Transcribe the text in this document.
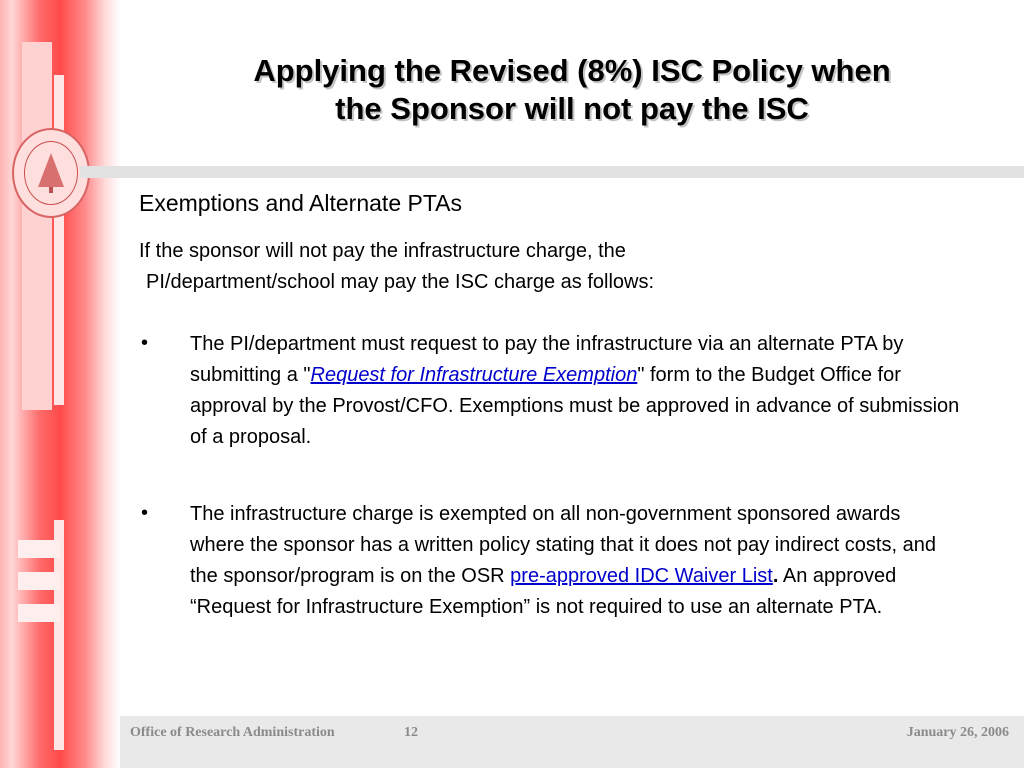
Applying the Revised (8%) ISC Policy when
the Sponsor will not pay the ISC
Exemptions and Alternate PTAs
If the sponsor will not pay the infrastructure charge, the
PI/department/school may pay the ISC charge as follows:
• The PI/department must request to pay the infrastructure via an alternate PTA by submitting a "Request for Infrastructure Exemption" form to the Budget Office for approval by the Provost/CFO. Exemptions must be approved in advance of submission of a proposal.
• The infrastructure charge is exempted on all non-government sponsored awards where the sponsor has a written policy stating that it does not pay indirect costs, and the sponsor/program is on the OSR pre-approved IDC Waiver List. An approved “Request for Infrastructure Exemption” is not required to use an alternate PTA.
Office of Research Administration	12	January 26, 2006
